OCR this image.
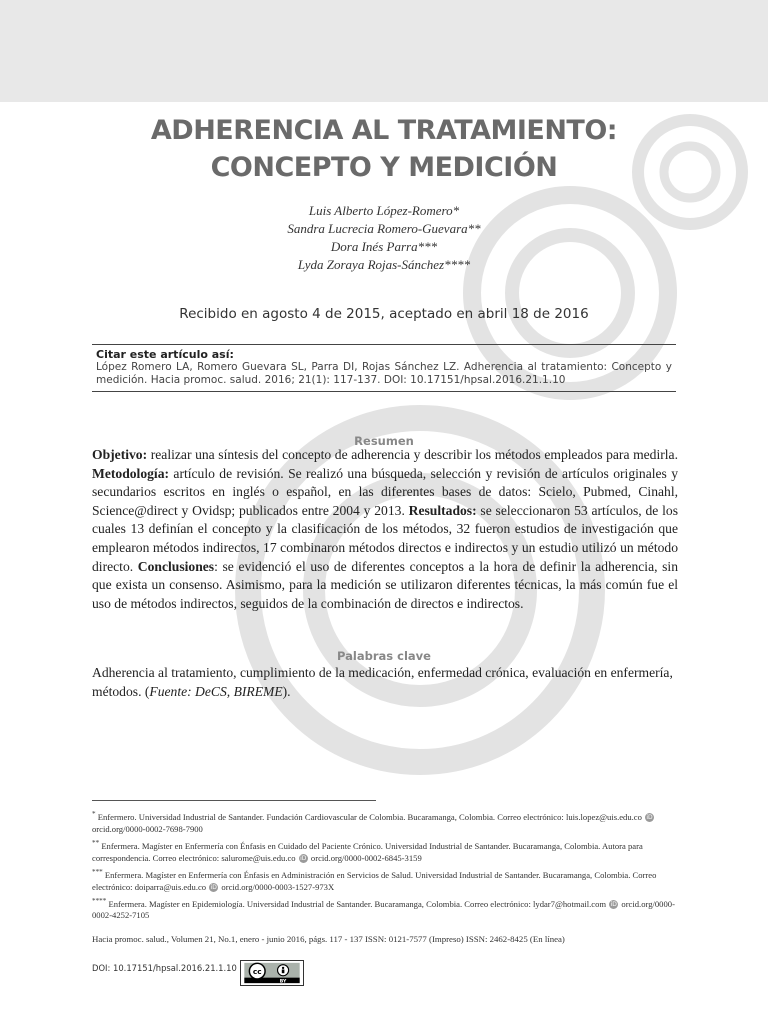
ADHERENCIA AL TRATAMIENTO:
CONCEPTO Y MEDICIÓN
Luis Alberto López-Romero*
Sandra Lucrecia Romero-Guevara**
Dora Inés Parra***
Lyda Zoraya Rojas-Sánchez****
Recibido en agosto 4 de 2015, aceptado en abril 18 de 2016
Citar este artículo así:
López Romero LA, Romero Guevara SL, Parra DI, Rojas Sánchez LZ. Adherencia al tratamiento: Concepto y medición. Hacia promoc. salud. 2016; 21(1): 117-137. DOI: 10.17151/hpsal.2016.21.1.10
Resumen
Objetivo: realizar una síntesis del concepto de adherencia y describir los métodos empleados para medirla. Metodología: artículo de revisión. Se realizó una búsqueda, selección y revisión de artículos originales y secundarios escritos en inglés o español, en las diferentes bases de datos: Scielo, Pubmed, Cinahl, Science@direct y Ovidsp; publicados entre 2004 y 2013. Resultados: se seleccionaron 53 artículos, de los cuales 13 definían el concepto y la clasificación de los métodos, 32 fueron estudios de investigación que emplearon métodos indirectos, 17 combinaron métodos directos e indirectos y un estudio utilizó un método directo. Conclusiones: se evidenció el uso de diferentes conceptos a la hora de definir la adherencia, sin que exista un consenso. Asimismo, para la medición se utilizaron diferentes técnicas, la más común fue el uso de métodos indirectos, seguidos de la combinación de directos e indirectos.
Palabras clave
Adherencia al tratamiento, cumplimiento de la medicación, enfermedad crónica, evaluación en enfermería, métodos. (Fuente: DeCS, BIREME).
* Enfermero. Universidad Industrial de Santander. Fundación Cardiovascular de Colombia. Bucaramanga, Colombia. Correo electrónico: luis.lopez@uis.edu.co iD orcid.org/0000-0002-7698-7900
** Enfermera. Magíster en Enfermería con Énfasis en Cuidado del Paciente Crónico. Universidad Industrial de Santander. Bucaramanga, Colombia. Autora para correspondencia. Correo electrónico: salurome@uis.edu.co iD orcid.org/0000-0002-6845-3159
*** Enfermera. Magíster en Enfermería con Énfasis en Administración en Servicios de Salud. Universidad Industrial de Santander. Bucaramanga, Colombia. Correo electrónico: doiparra@uis.edu.co iD orcid.org/0000-0003-1527-973X
**** Enfermera. Magíster en Epidemiología. Universidad Industrial de Santander. Bucaramanga, Colombia. Correo electrónico: lydar7@hotmail.com iD orcid.org/0000-0002-4252-7105
Hacia promoc. salud., Volumen 21, No.1, enero - junio 2016, págs. 117 - 137 ISSN: 0121-7577 (Impreso) ISSN: 2462-8425 (En línea)
DOI: 10.17151/hpsal.2016.21.1.10 cc
BY
